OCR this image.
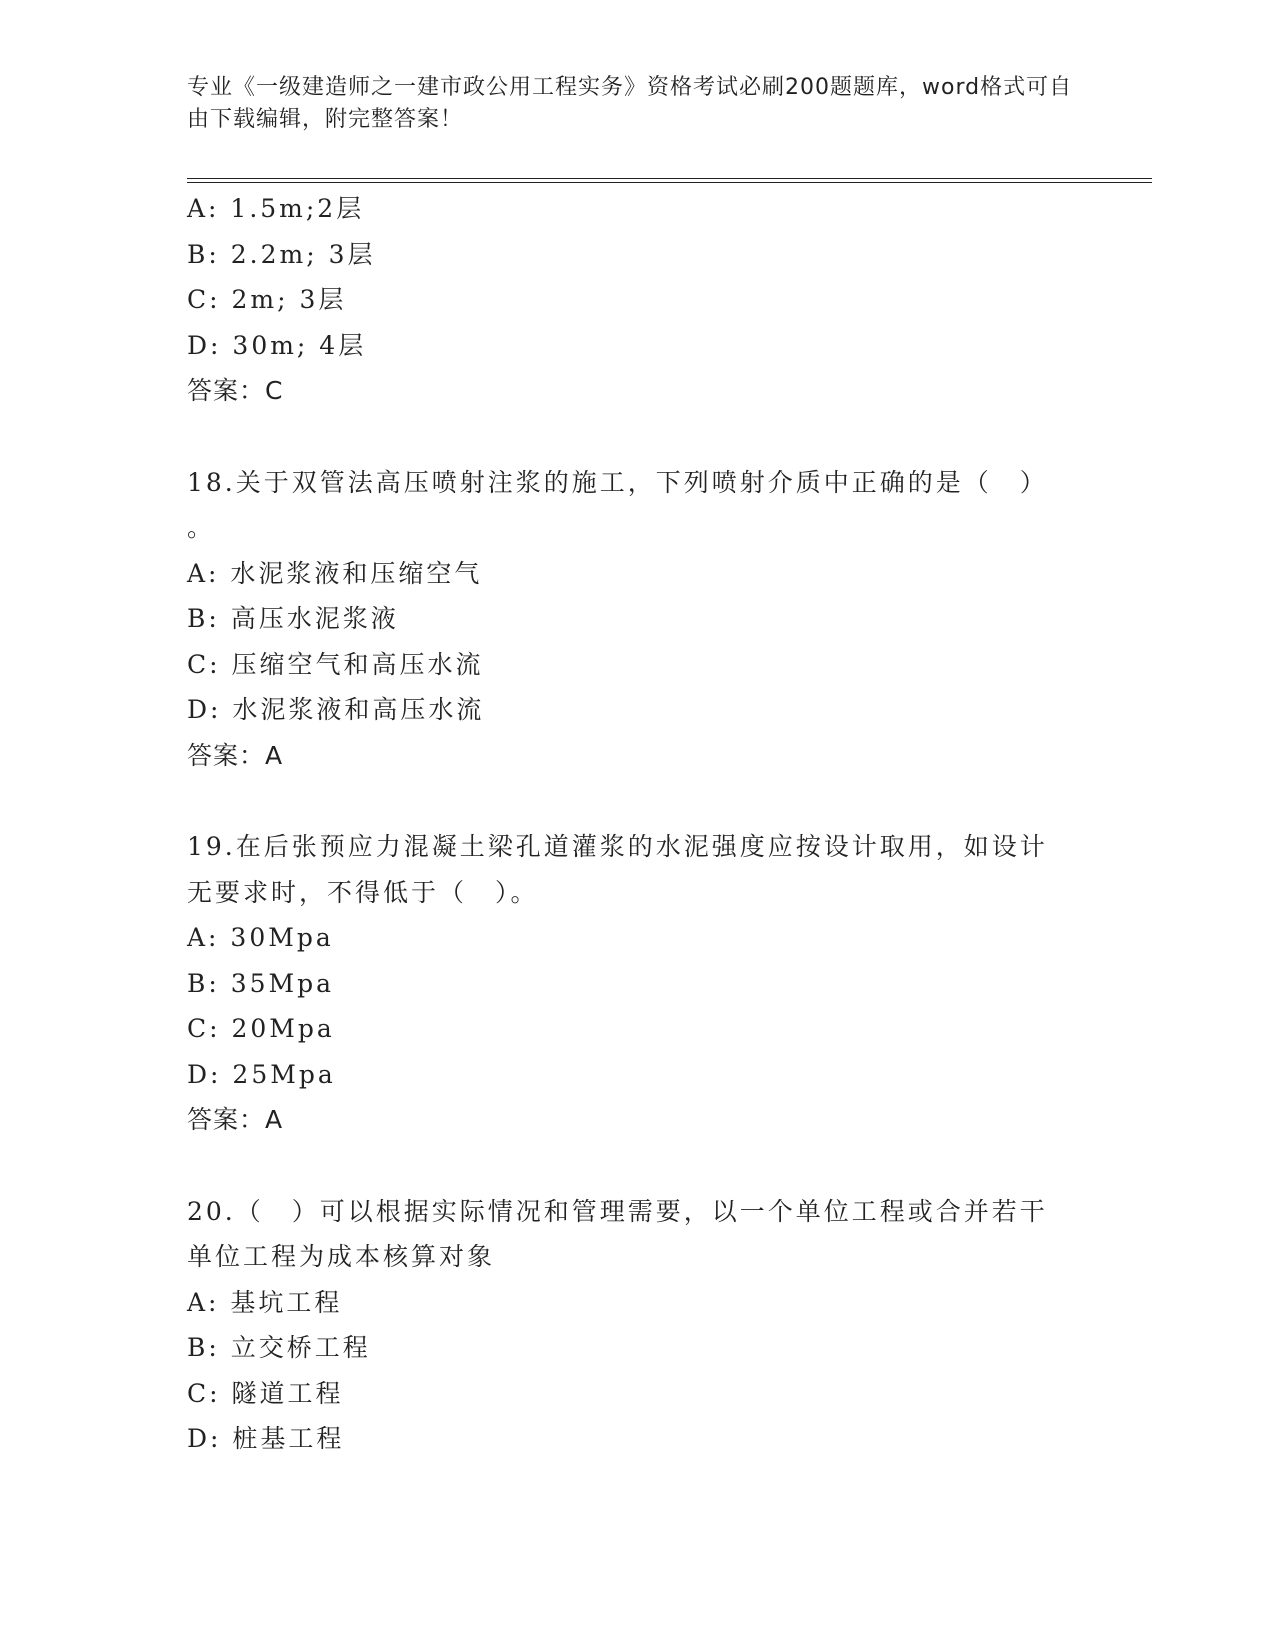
专业《一级建造师之一建市政公用工程实务》资格考试必刷200题题库，word格式可自由下载编辑，附完整答案！
A: 1.5m;2层
B: 2.2m; 3层
C: 2m; 3层
D: 30m; 4层
答案：C
18.关于双管法高压喷射注浆的施工，下列喷射介质中正确的是（　）
。
A: 水泥浆液和压缩空气
B: 高压水泥浆液
C: 压缩空气和高压水流
D: 水泥浆液和高压水流
答案：A
19.在后张预应力混凝土梁孔道灌浆的水泥强度应按设计取用，如设计
无要求时，不得低于（　）。
A: 30Mpa
B: 35Mpa
C: 20Mpa
D: 25Mpa
答案：A
20.（　）可以根据实际情况和管理需要，以一个单位工程或合并若干
单位工程为成本核算对象
A: 基坑工程
B: 立交桥工程
C: 隧道工程
D: 桩基工程
